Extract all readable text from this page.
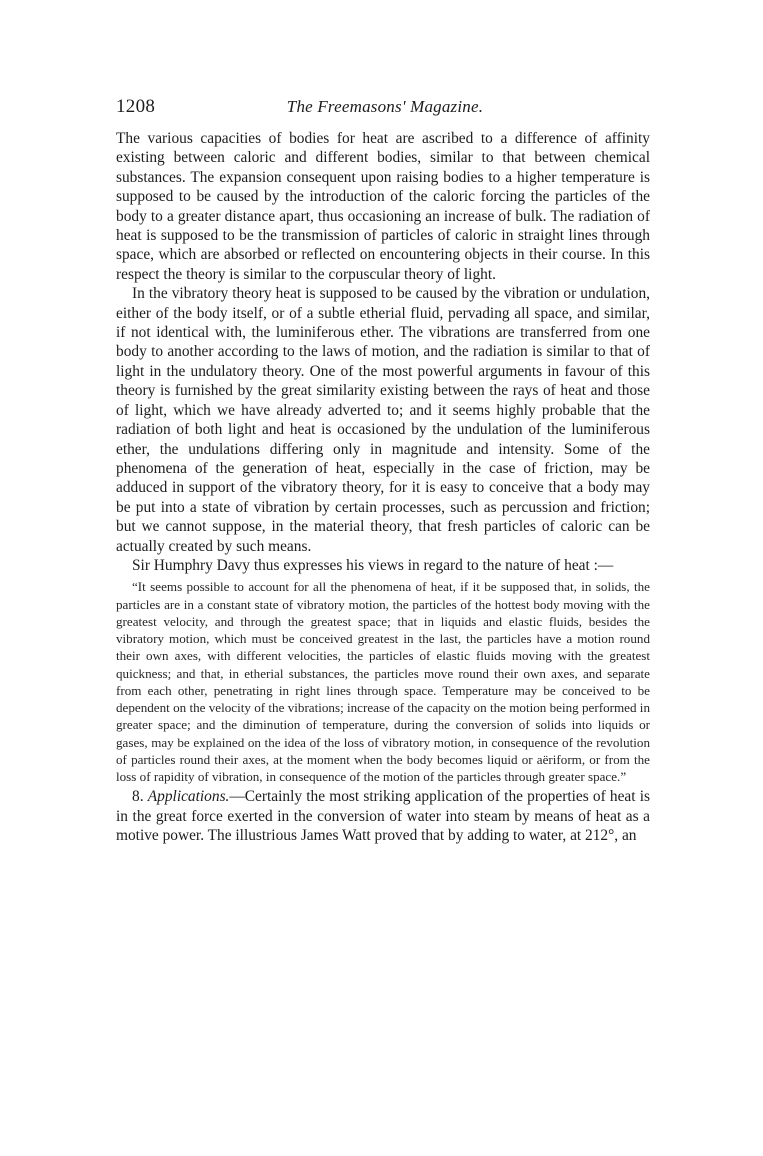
1208	The Freemasons' Magazine.

The various capacities of bodies for heat are ascribed to a difference of affinity existing between caloric and different bodies, similar to that between chemical substances. The expansion consequent upon raising bodies to a higher temperature is supposed to be caused by the introduction of the caloric forcing the particles of the body to a greater distance apart, thus occasioning an increase of bulk. The radiation of heat is supposed to be the transmission of particles of caloric in straight lines through space, which are absorbed or reflected on encountering objects in their course. In this respect the theory is similar to the corpuscular theory of light.

In the vibratory theory heat is supposed to be caused by the vibration or undulation, either of the body itself, or of a subtle etherial fluid, pervading all space, and similar, if not identical with, the luminiferous ether. The vibrations are transferred from one body to another according to the laws of motion, and the radiation is similar to that of light in the undulatory theory. One of the most powerful arguments in favour of this theory is furnished by the great similarity existing between the rays of heat and those of light, which we have already adverted to; and it seems highly probable that the radiation of both light and heat is occasioned by the undulation of the luminiferous ether, the undulations differing only in magnitude and intensity. Some of the phenomena of the generation of heat, especially in the case of friction, may be adduced in support of the vibratory theory, for it is easy to conceive that a body may be put into a state of vibration by certain processes, such as percussion and friction; but we cannot suppose, in the material theory, that fresh particles of caloric can be actually created by such means.

Sir Humphry Davy thus expresses his views in regard to the nature of heat :—

“It seems possible to account for all the phenomena of heat, if it be supposed that, in solids, the particles are in a constant state of vibratory motion, the particles of the hottest body moving with the greatest velocity, and through the greatest space; that in liquids and elastic fluids, besides the vibratory motion, which must be conceived greatest in the last, the particles have a motion round their own axes, with different velocities, the particles of elastic fluids moving with the greatest quickness; and that, in etherial substances, the particles move round their own axes, and separate from each other, penetrating in right lines through space. Temperature may be conceived to be dependent on the velocity of the vibrations; increase of the capacity on the motion being performed in greater space; and the diminution of temperature, during the conversion of solids into liquids or gases, may be explained on the idea of the loss of vibratory motion, in consequence of the revolution of particles round their axes, at the moment when the body becomes liquid or aëriform, or from the loss of rapidity of vibration, in consequence of the motion of the particles through greater space.”

8. Applications.—Certainly the most striking application of the properties of heat is in the great force exerted in the conversion of water into steam by means of heat as a motive power. The illustrious James Watt proved that by adding to water, at 212°, an
